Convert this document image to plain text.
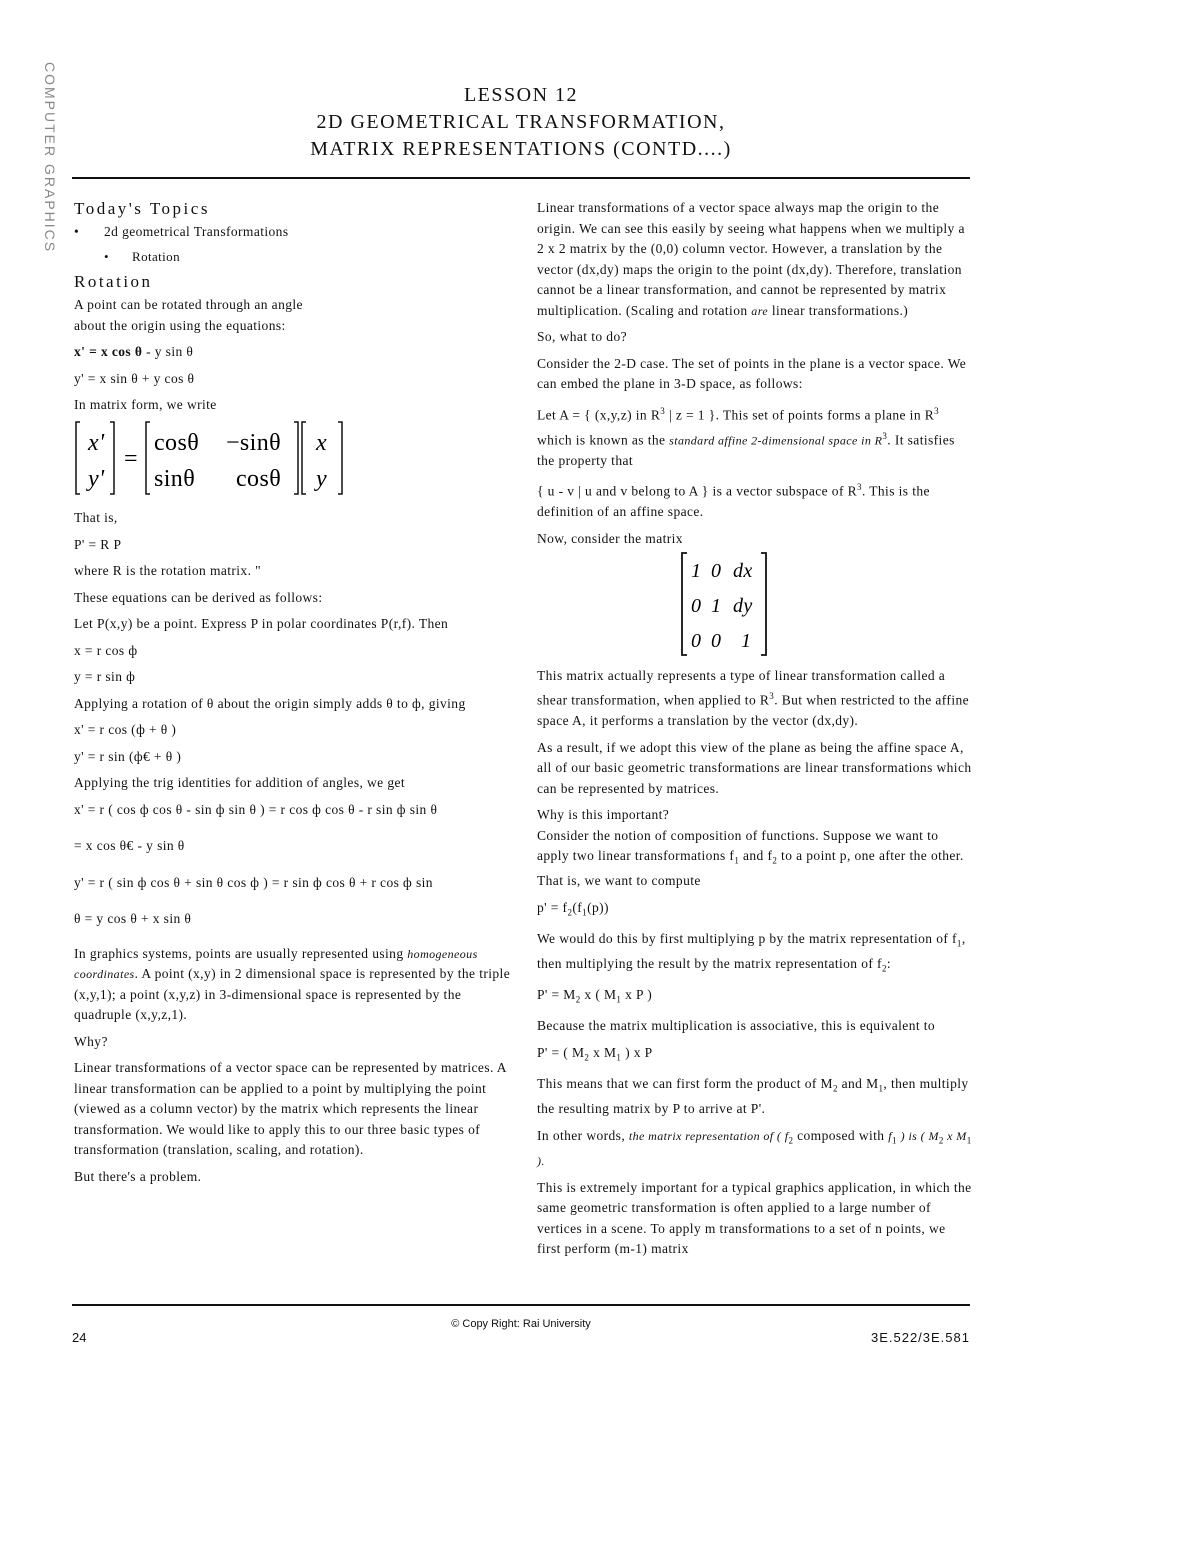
COMPUTER GRAPHICS	LESSON 12
2D GEOMETRICAL TRANSFORMATION,
MATRIX REPRESENTATIONS (CONTD....)
Today's Topics
• 2d geometrical Transformations
• Rotation
Rotation

A point can be rotated through an angle
about the origin using the equations:

x' = x cos θ - y sin θ

y' = x sin θ + y cos θ

In matrix form, we write

x'
y'
=
cosθ −sinθ
sinθ cosθ
x
y

That is,

P' = R P

where R is the rotation matrix. "

These equations can be derived as follows:

Let P(x,y) be a point. Express P in polar coordinates P(r,f). Then

x = r cos ф

y = r sin ф

Applying a rotation of θ about the origin simply adds θ to ф, giving

x' = r cos (ф + θ )

y' = r sin (ф€ + θ )

Applying the trig identities for addition of angles, we get

x' = r ( cos ф cos θ - sin ф sin θ ) = r cos ф cos θ - r sin ф sin θ

= x cos θ€ - y sin θ

y' = r ( sin ф cos θ + sin θ cos ф ) = r sin ф cos θ + r cos ф sin

θ = y cos θ + x sin θ

In graphics systems, points are usually represented using homogeneous coordinates. A point (x,y) in 2 dimensional space is represented by the triple (x,y,1); a point (x,y,z) in 3-dimensional space is represented by the quadruple (x,y,z,1).

Why?

Linear transformations of a vector space can be represented by matrices. A linear transformation can be applied to a point by multiplying the point (viewed as a column vector) by the matrix which represents the linear transformation. We would like to apply this to our three basic types of transformation (translation, scaling, and rotation).

But there's a problem.

Linear transformations of a vector space always map the origin to the origin. We can see this easily by seeing what happens when we multiply a 2 x 2 matrix by the (0,0) column vector. However, a translation by the vector (dx,dy) maps the origin to the point (dx,dy). Therefore, translation cannot be a linear transformation, and cannot be represented by matrix multiplication. (Scaling and rotation are linear transformations.)

So, what to do?

Consider the 2-D case. The set of points in the plane is a vector space. We can embed the plane in 3-D space, as follows:

Let A = { (x,y,z) in $R^3$ | z = 1 }. This set of points forms a plane in $R^3$ which is known as the standard affine 2-dimensional space in $R^3$. It satisfies the property that

{ u - v | u and v belong to A } is a vector subspace of $R^3$. This is the definition of an affine space.

Now, consider the matrix

1 0 dx
0 1 dy
0 0 1

This matrix actually represents a type of linear transformation called a shear transformation, when applied to $R^3$. But when restricted to the affine space A, it performs a translation by the vector (dx,dy).

As a result, if we adopt this view of the plane as being the affine space A, all of our basic geometric transformations are linear transformations which can be represented by matrices.

Why is this important?

Consider the notion of composition of functions. Suppose we want to apply two linear transformations $f_1$ and $f_2$ to a point p, one after the other. That is, we want to compute

$p' = f_2(f_1(p))$

We would do this by first multiplying p by the matrix representation of $f_1$, then multiplying the result by the matrix representation of $f_2$:

$P' = M_2$ x ( $M_1$ x P )

Because the matrix multiplication is associative, this is equivalent to

P' = ( $M_2$ x $M_1$ ) x P

This means that we can first form the product of $M_2$ and $M_1$, then multiply the resulting matrix by P to arrive at P'.

In other words, the matrix representation of ( $f_2$ composed with $f_1$ ) is ( $M_2$ x $M_1$ ).

This is extremely important for a typical graphics application, in which the same geometric transformation is often applied to a large number of vertices in a scene. To apply m transformations to a set of n points, we first perform (m-1) matrix

© Copy Right: Rai University
24	3E.522/3E.581
